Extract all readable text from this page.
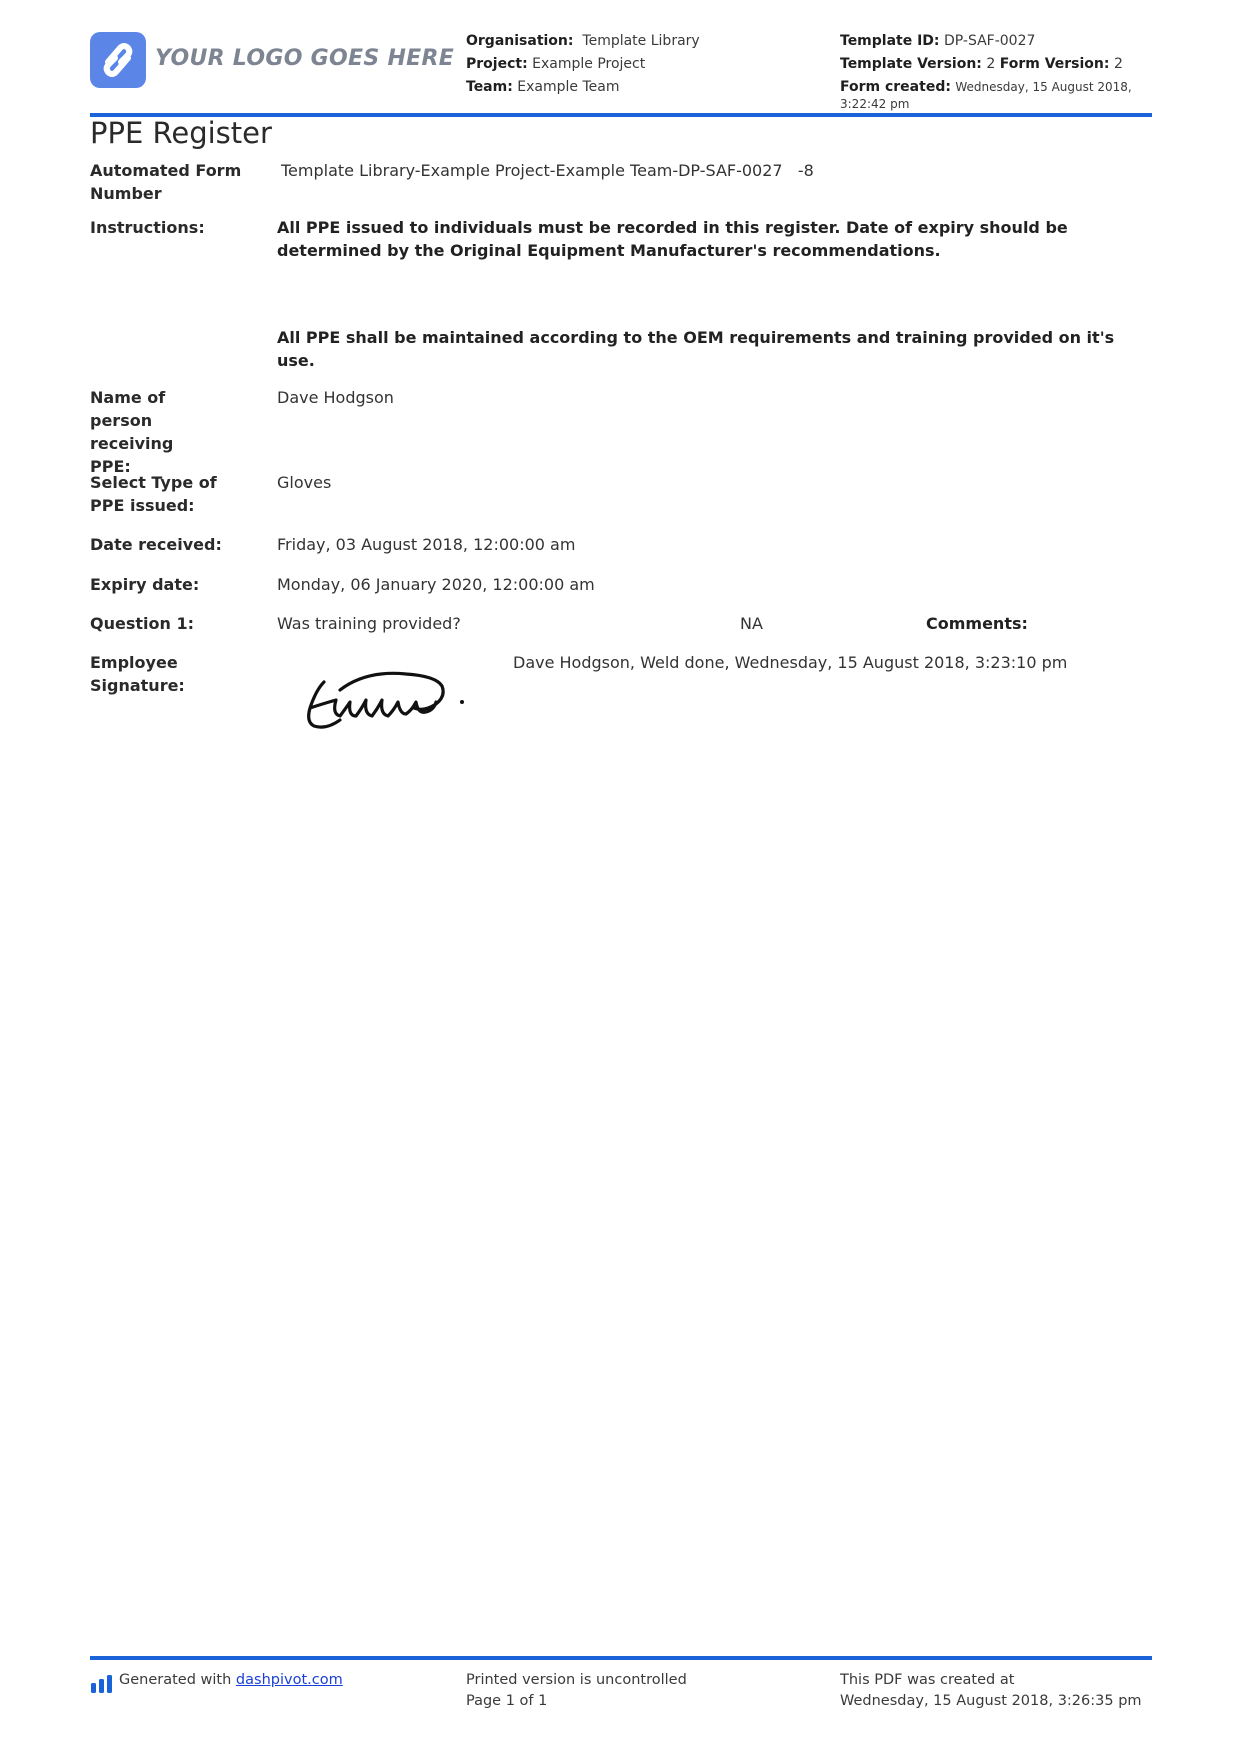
YOUR LOGO GOES HERE
Organisation: Template Library
Project: Example Project
Team: Example Team
Template ID: DP-SAF-0027
Template Version: 2 Form Version: 2
Form created: Wednesday, 15 August 2018, 3:22:42 pm
PPE Register
Automated Form Number
Template Library-Example Project-Example Team-DP-SAF-0027   -8
Instructions:	All PPE issued to individuals must be recorded in this register. Date of expiry should be determined by the Original Equipment Manufacturer's recommendations.
All PPE shall be maintained according to the OEM requirements and training provided on it's use.
Name of person receiving PPE:
Dave Hodgson
Select Type of PPE issued:
Gloves
Date received:	Friday, 03 August 2018, 12:00:00 am
Expiry date:	Monday, 06 January 2020, 12:00:00 am
Question 1:	Was training provided?	NA	Comments:
Employee Signature:
Dave Hodgson, Weld done, Wednesday, 15 August 2018, 3:23:10 pm
Generated with dashpivot.com	Printed version is uncontrolled
Page 1 of 1
This PDF was created at
Wednesday, 15 August 2018, 3:26:35 pm
